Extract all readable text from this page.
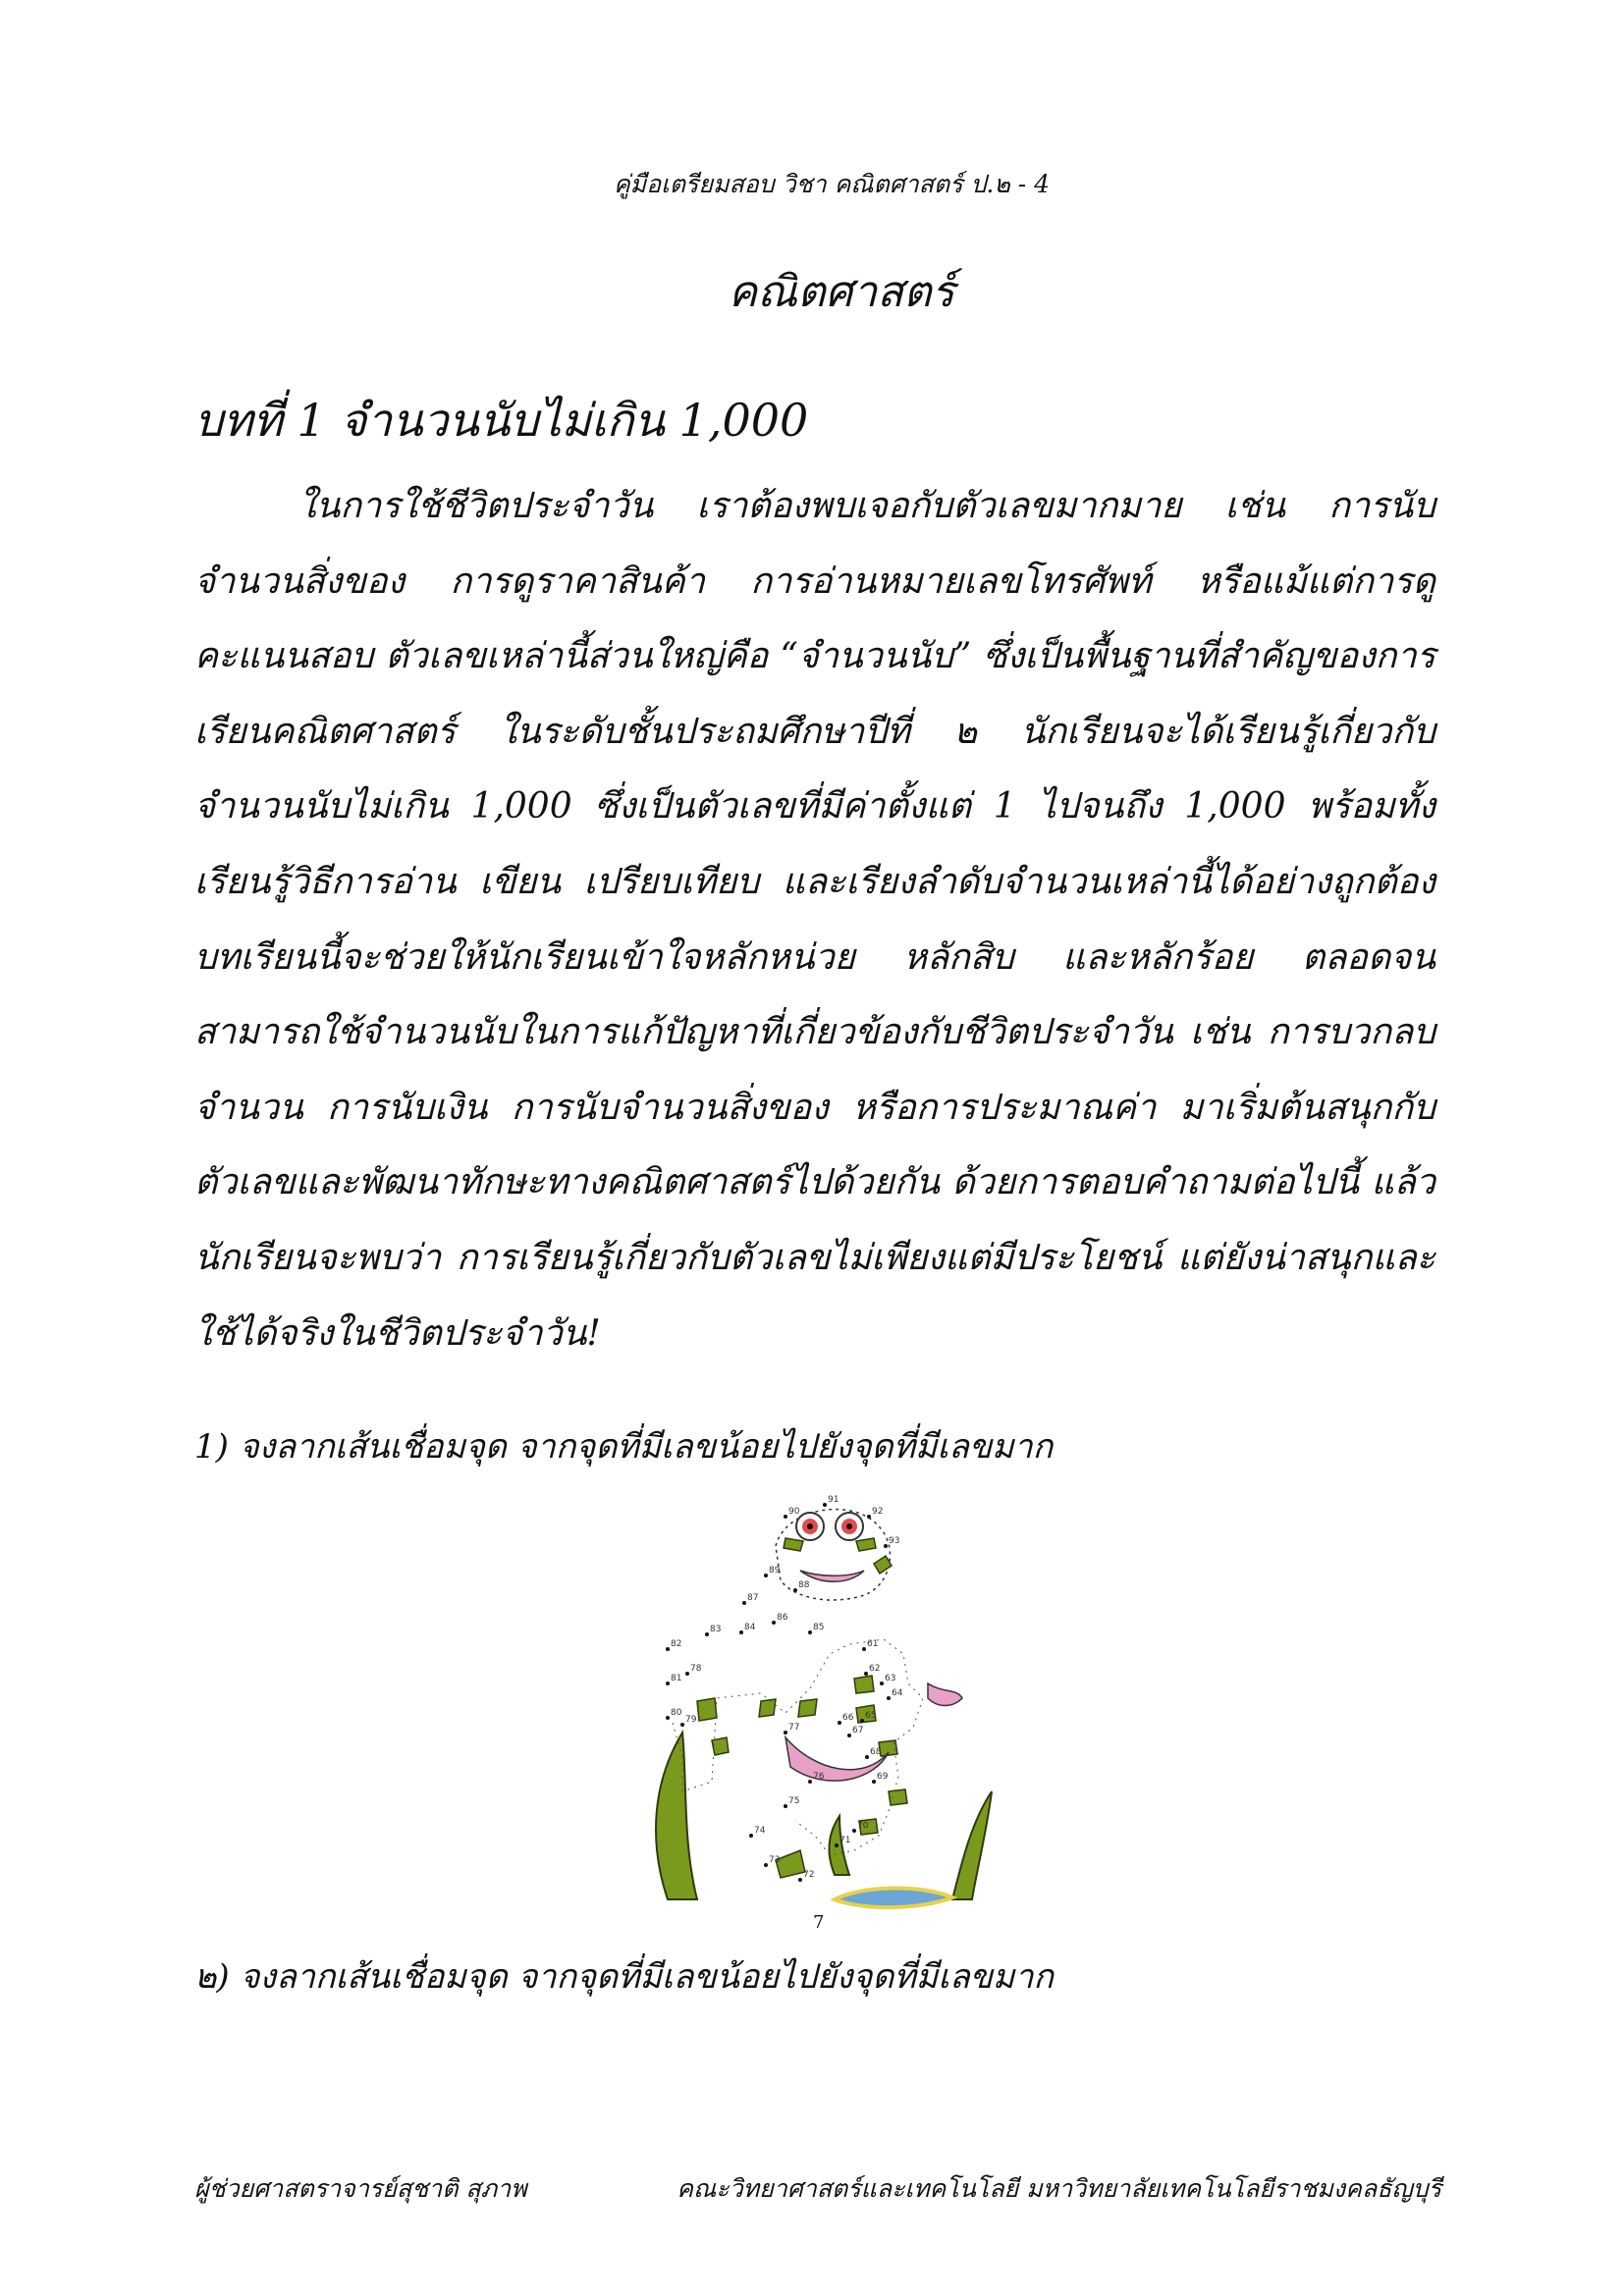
คู่มือเตรียมสอบ วิชา คณิตศาสตร์ ป.๒ - 4
คณิตศาสตร์
บทที่ 1 จำนวนนับไม่เกิน 1,000
ในการใช้ชีวิตประจำวัน เราต้องพบเจอกับตัวเลขมากมาย เช่น การนับจำนวนสิ่งของ การดูราคาสินค้า การอ่านหมายเลขโทรศัพท์ หรือแม้แต่การดูคะแนนสอบ ตัวเลขเหล่านี้ส่วนใหญ่คือ “จำนวนนับ” ซึ่งเป็นพื้นฐานที่สำคัญของการเรียนคณิตศาสตร์ ในระดับชั้นประถมศึกษาปีที่ ๒ นักเรียนจะได้เรียนรู้เกี่ยวกับ จำนวนนับไม่เกิน 1,000 ซึ่งเป็นตัวเลขที่มีค่าตั้งแต่ 1 ไปจนถึง 1,000 พร้อมทั้งเรียนรู้วิธีการอ่าน เขียน เปรียบเทียบ และเรียงลำดับจำนวนเหล่านี้ได้อย่างถูกต้อง บทเรียนนี้จะช่วยให้นักเรียนเข้าใจหลักหน่วย หลักสิบ และหลักร้อย ตลอดจนสามารถใช้จำนวนนับในการแก้ปัญหาที่เกี่ยวข้องกับชีวิตประจำวัน เช่น การบวกลบจำนวน การนับเงิน การนับจำนวนสิ่งของ หรือการประมาณค่า มาเริ่มต้นสนุกกับตัวเลขและพัฒนาทักษะทางคณิตศาสตร์ไปด้วยกัน ด้วยการตอบคำถามต่อไปนี้ แล้วนักเรียนจะพบว่า การเรียนรู้เกี่ยวกับตัวเลขไม่เพียงแต่มีประโยชน์ แต่ยังน่าสนุกและใช้ได้จริงในชีวิตประจำวัน!
1) จงลากเส้นเชื่อมจุด จากจุดที่มีเลขน้อยไปยังจุดที่มีเลขมาก
90
91
92
93
89
88
87
86
85
84
83
82
81
80
79
78
77
76
75
74
73
72
71
70
69
68
67
66 65
64
63
62
61
7
๒) จงลากเส้นเชื่อมจุด จากจุดที่มีเลขน้อยไปยังจุดที่มีเลขมาก
ผู้ช่วยศาสตราจารย์สุชาติ สุภาพ	คณะวิทยาศาสตร์และเทคโนโลยี มหาวิทยาลัยเทคโนโลยีราชมงคลธัญบุรี
